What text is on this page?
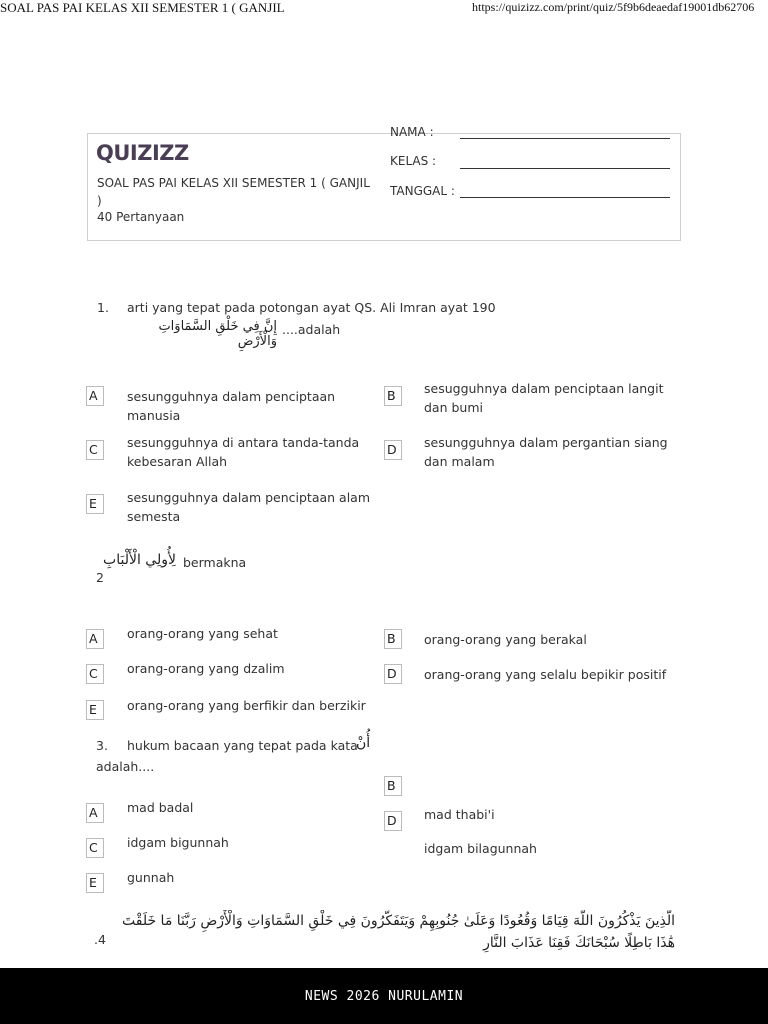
SOAL PAS PAI KELAS XII SEMESTER 1 ( GANJIL	https://quizizz.com/print/quiz/5f9b6deaedaf19001db62706
QUIZIZZ
SOAL PAS PAI KELAS XII SEMESTER 1 ( GANJIL )
40 Pertanyaan
NAMA :
KELAS :
TANGGAL :
1. arti yang tepat pada potongan ayat QS. Ali Imran ayat 190
إِنَّ فِي خَلْقِ السَّمَاوَاتِ وَالْأَرْضِ
....adalah
A	sesungguhnya dalam penciptaan manusia
B	sesugguhnya dalam penciptaan langit dan bumi
C	sesungguhnya di antara tanda-tanda kebesaran Allah
D	sesungguhnya dalam pergantian siang dan malam
E	sesungguhnya dalam penciptaan alam semesta
2
لِأُولِي الْأَلْبَابِ bermakna
A	orang-orang yang sehat	B	orang-orang yang berakal
C	orang-orang yang dzalim	D	orang-orang yang selalu bepikir positif
E	orang-orang yang berfikir dan berzikir
3. hukum bacaan yang tepat pada kata
أُنْ
adalah....
A	mad badal
B
idgam bilagunnah
C	idgam bigunnah
D	mad thabi'i
E	gunnah
الَّذِينَ يَذْكُرُونَ اللَّهَ قِيَامًا وَقُعُودًا وَعَلَىٰ جُنُوبِهِمْ وَيَتَفَكَّرُونَ فِي خَلْقِ السَّمَاوَاتِ وَالْأَرْضِ رَبَّنَا مَا خَلَقْتَ هَٰذَا بَاطِلًا سُبْحَانَكَ فَقِنَا عَذَابَ النَّارِ
.4
NEWS 2026 NURULAMIN
